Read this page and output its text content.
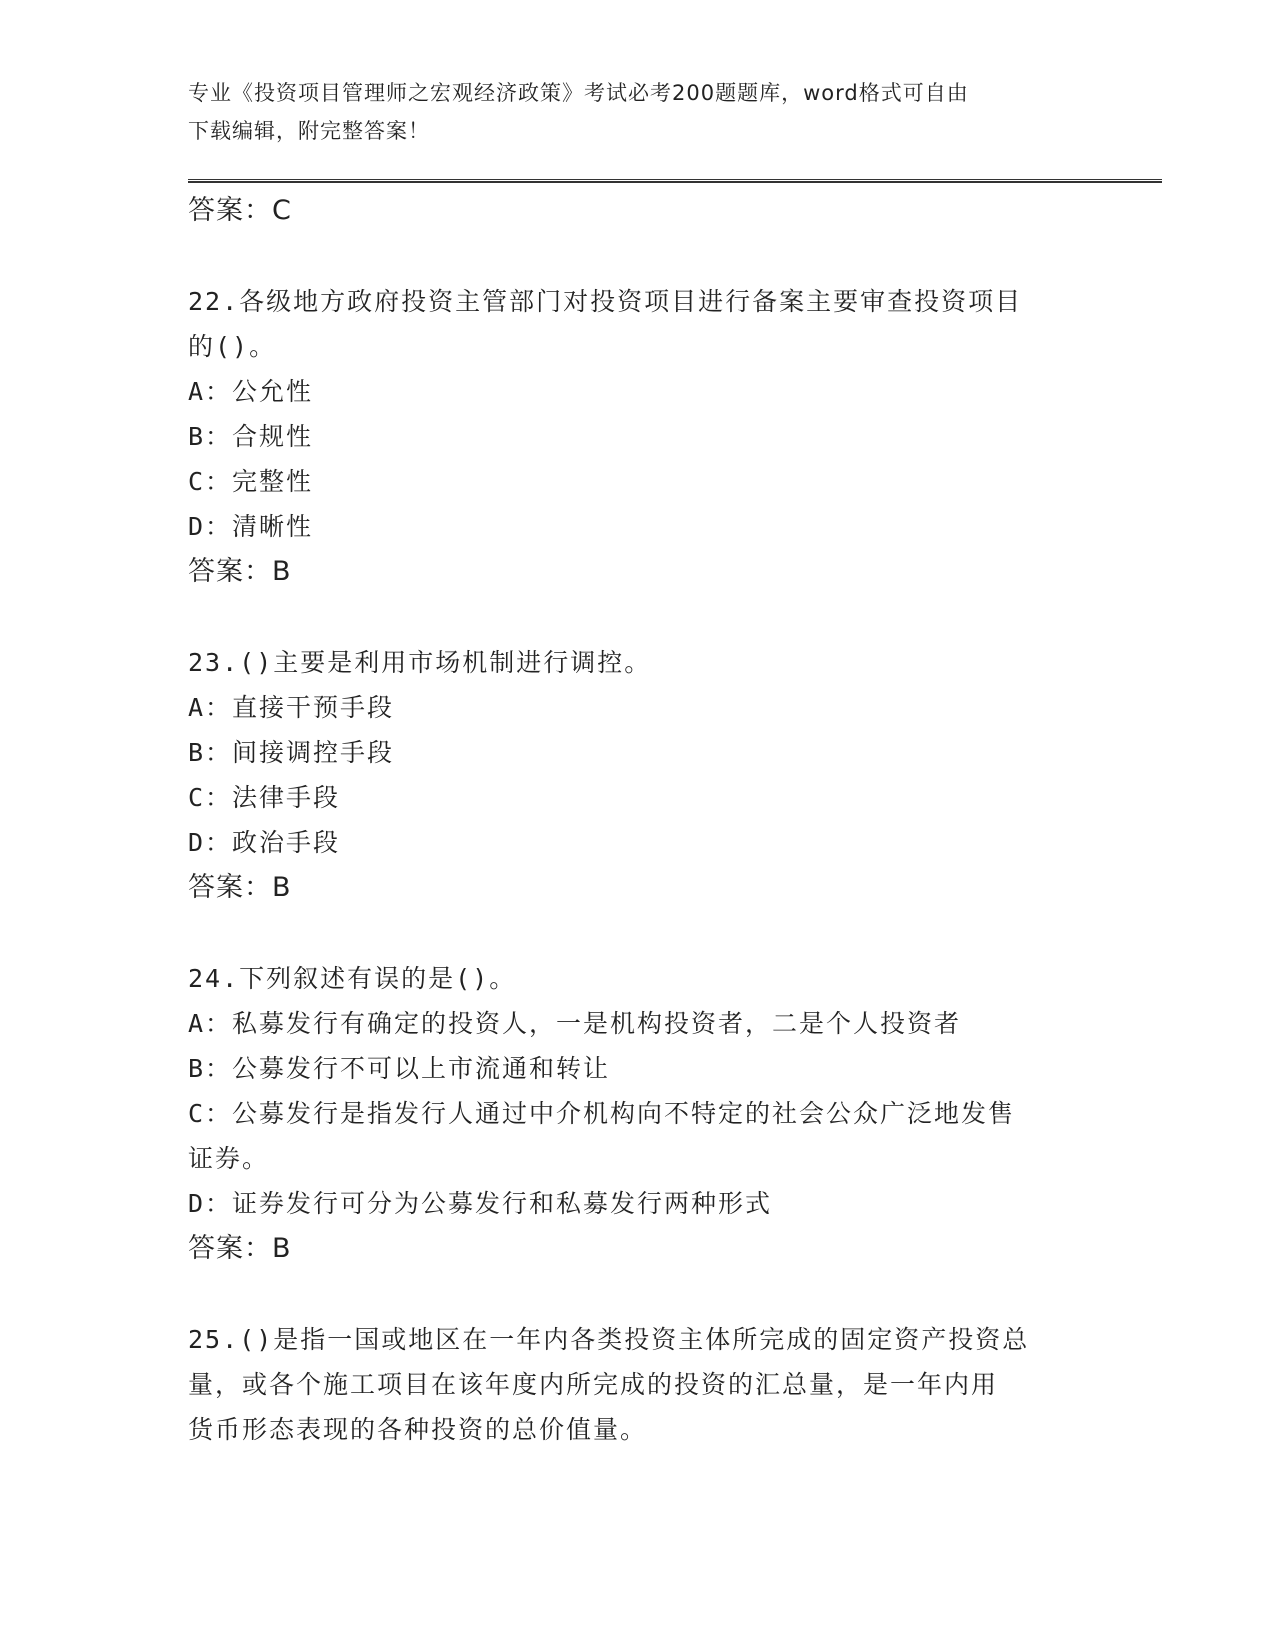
专业《投资项目管理师之宏观经济政策》考试必考200题题库，word格式可自由
下载编辑，附完整答案！

答案：C

22.各级地方政府投资主管部门对投资项目进行备案主要审查投资项目

的()。

A：公允性

B：合规性

C：完整性

D：清晰性

答案：B

23.()主要是利用市场机制进行调控。

A：直接干预手段

B：间接调控手段

C：法律手段

D：政治手段

答案：B

24.下列叙述有误的是()。

A：私募发行有确定的投资人，一是机构投资者，二是个人投资者

B：公募发行不可以上市流通和转让

C：公募发行是指发行人通过中介机构向不特定的社会公众广泛地发售

证券。

D：证券发行可分为公募发行和私募发行两种形式

答案：B

25.()是指一国或地区在一年内各类投资主体所完成的固定资产投资总

量，或各个施工项目在该年度内所完成的投资的汇总量，是一年内用

货币形态表现的各种投资的总价值量。
